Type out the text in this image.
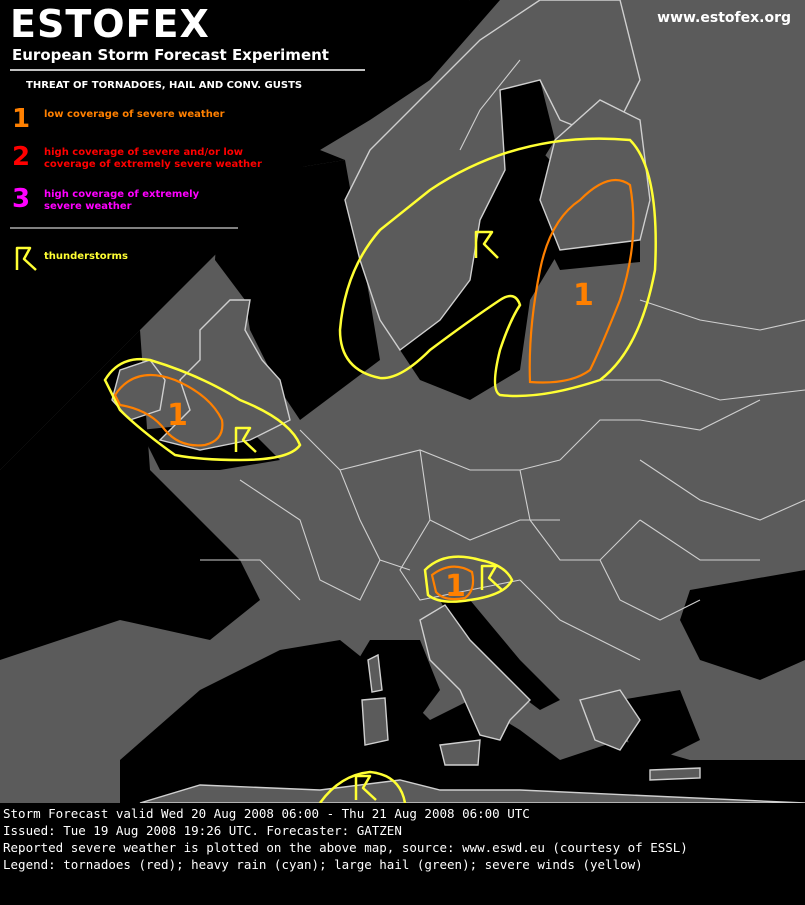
1
1
1
ESTOFEX
European Storm Forecast Experiment
www.estofex.org
THREAT OF TORNADOES, HAIL AND CONV. GUSTS
1 low coverage of severe weather
2 high coverage of severe and/or low
coverage of extremely severe weather
3 high coverage of extremely
severe weather
thunderstorms
Storm Forecast valid Wed 20 Aug 2008 06:00 - Thu 21 Aug 2008 06:00 UTC
Issued: Tue 19 Aug 2008 19:26 UTC. Forecaster: GATZEN
Reported severe weather is plotted on the above map, source: www.eswd.eu (courtesy of ESSL)
Legend: tornadoes (red); heavy rain (cyan); large hail (green); severe winds (yellow)
